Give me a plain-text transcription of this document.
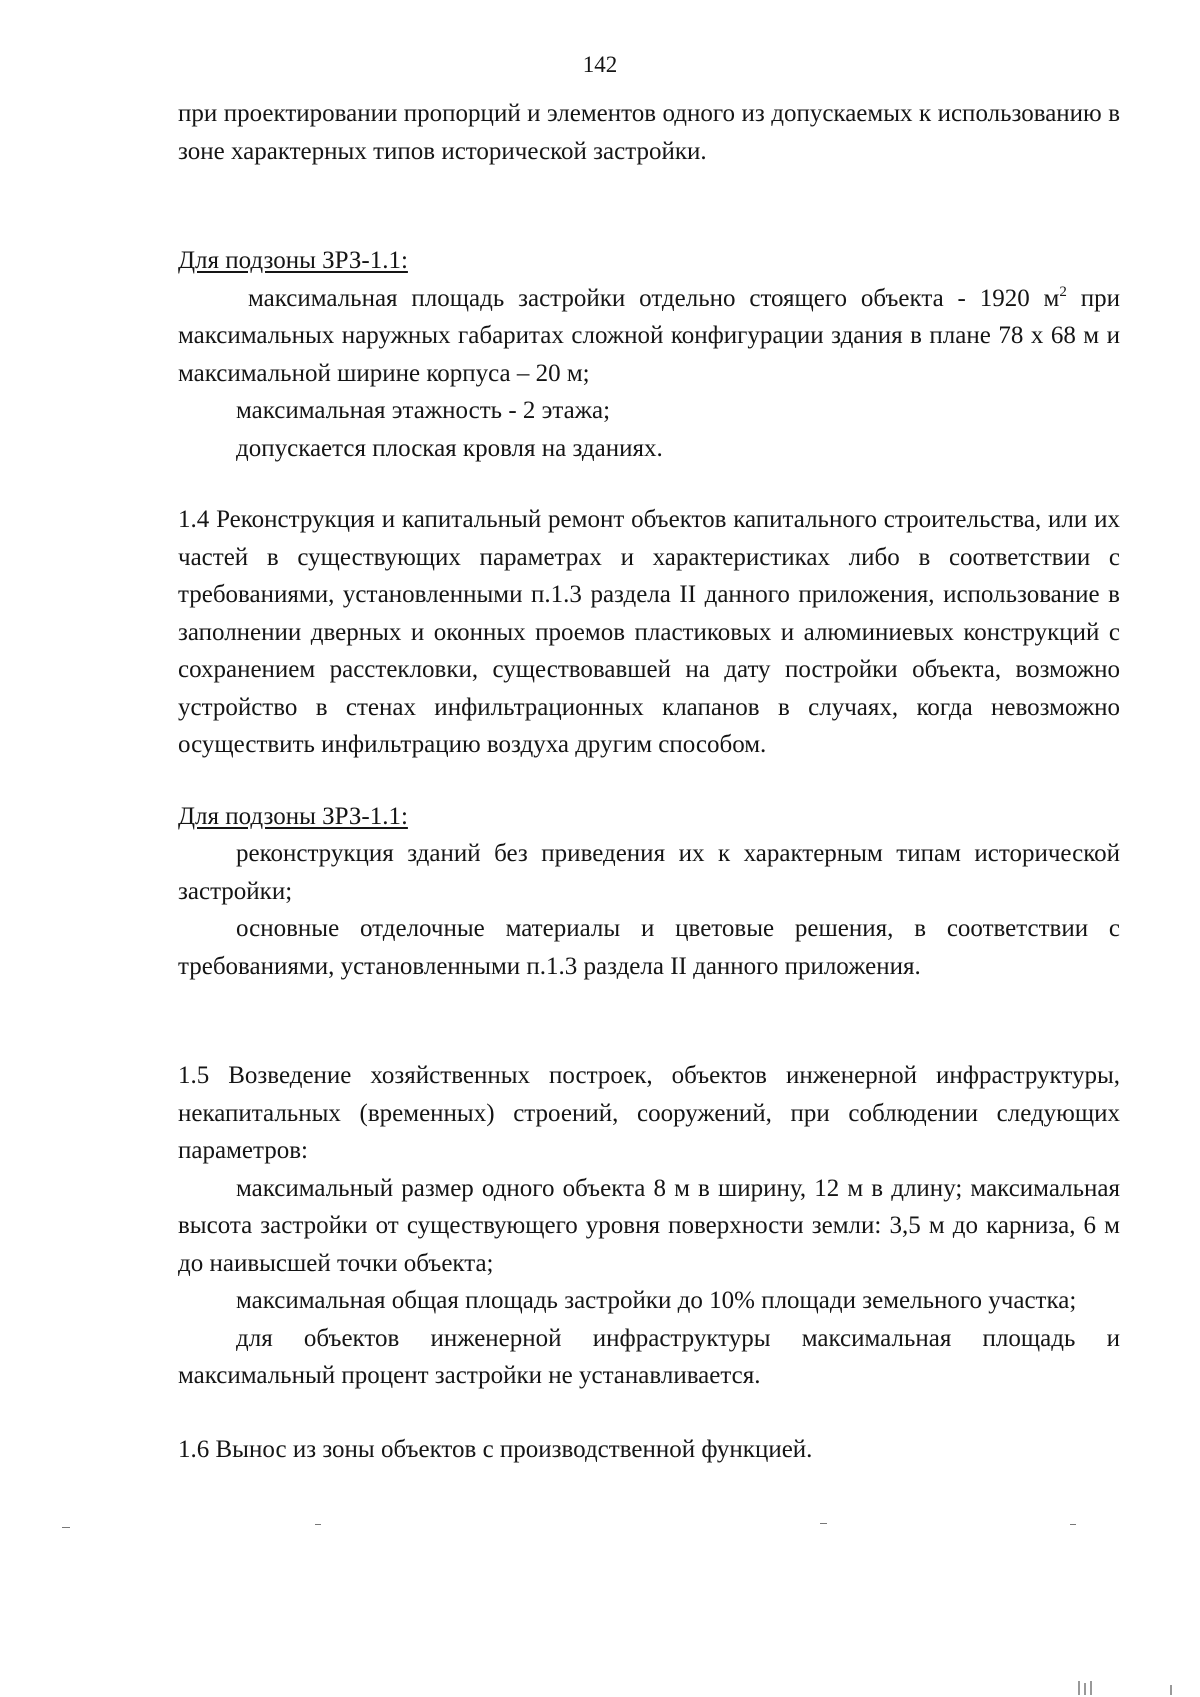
142

при проектировании пропорций и элементов одного из допускаемых к использованию в зоне характерных типов исторической застройки.

Для подзоны ЗРЗ-1.1:

максимальная площадь застройки отдельно стоящего объекта - 1920 $м^2$ при максимальных наружных габаритах сложной конфигурации здания в плане 78 х 68 м и максимальной ширине корпуса – 20 м;

максимальная этажность - 2 этажа;

допускается плоская кровля на зданиях.

1.4 Реконструкция и капитальный ремонт объектов капитального строительства, или их частей в существующих параметрах и характеристиках либо в соответствии с требованиями, установленными п.1.3 раздела II данного приложения, использование в заполнении дверных и оконных проемов пластиковых и алюминиевых конструкций с сохранением расстекловки, существовавшей на дату постройки объекта, возможно устройство в стенах инфильтрационных клапанов в случаях, когда невозможно осуществить инфильтрацию воздуха другим способом.

Для подзоны ЗРЗ-1.1:

реконструкция зданий без приведения их к характерным типам исторической застройки;

основные отделочные материалы и цветовые решения, в соответствии с требованиями, установленными п.1.3 раздела II данного приложения.

1.5 Возведение хозяйственных построек, объектов инженерной инфраструктуры, некапитальных (временных) строений, сооружений, при соблюдении следующих параметров:

максимальный размер одного объекта 8 м в ширину, 12 м в длину; максимальная высота застройки от существующего уровня поверхности земли: 3,5 м до карниза, 6 м до наивысшей точки объекта;

максимальная общая площадь застройки до 10% площади земельного участка;

для объектов инженерной инфраструктуры максимальная площадь и максимальный процент застройки не устанавливается.

1.6 Вынос из зоны объектов с производственной функцией.
